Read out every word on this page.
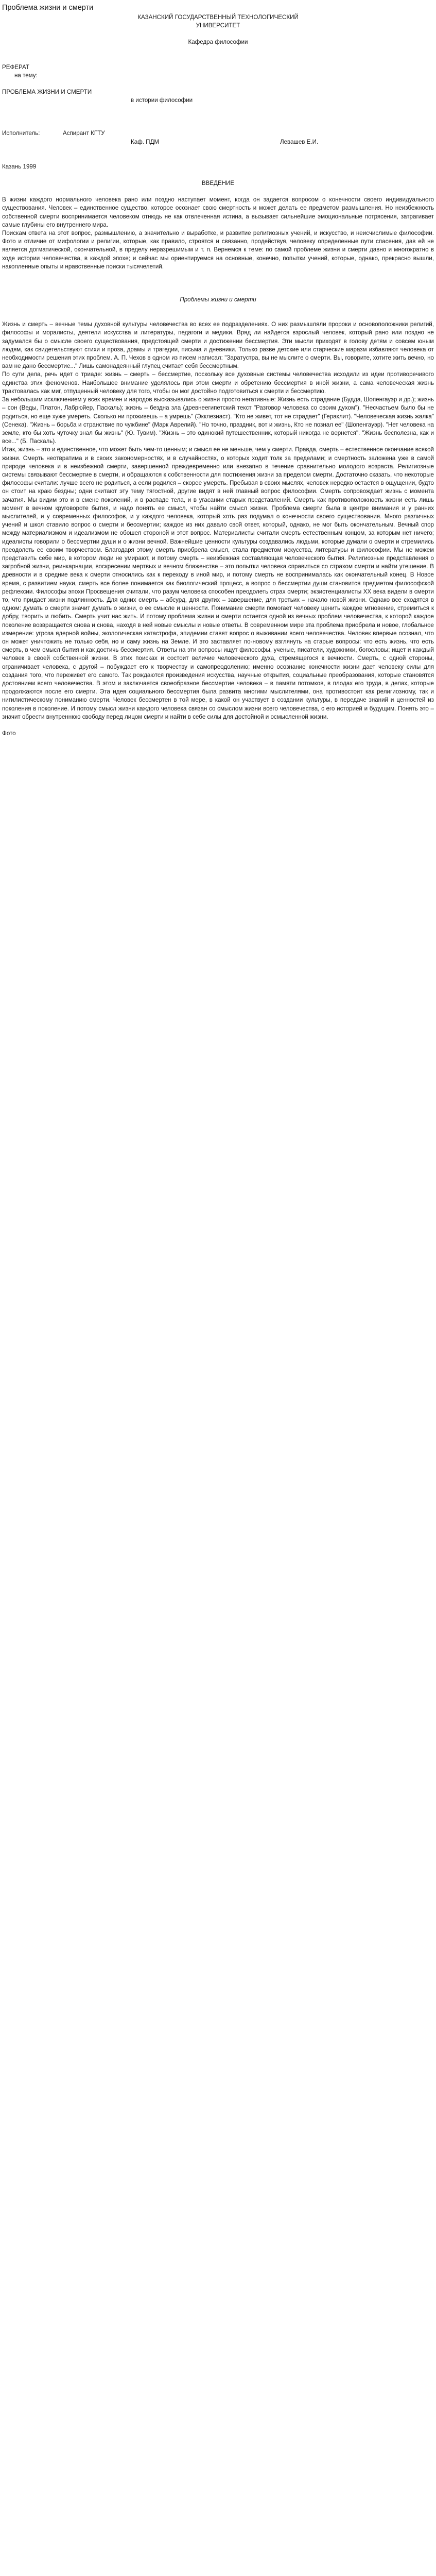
Проблема жизни и смерти
КАЗАНСКИЙ ГОСУДАРСТВЕННЫЙ ТЕХНОЛОГИЧЕСКИЙ
УНИВЕРСИТЕТ
Кафедра философии
РЕФЕРАТ
на тему:
ПРОБЛЕМА ЖИЗНИ И СМЕРТИ
в истории философии
Исполнитель:	Аспирант КГТУ
Каф. ПДМ	Левашев Е.И.
Казань 1999
ВВЕДЕНИЕ

В жизни каждого нормального человека рано или поздно наступает момент, когда он задается вопросом о конечности своего индивидуального существования. Человек – единственное существо, которое осознает свою смертность и может делать ее предметом размышления. Но неизбежность собственной смерти воспринимается человеком отнюдь не как отвлеченная истина, а вызывает сильнейшие эмоциональные потрясения, затрагивает самые глубины его внутреннего мира.

Поискам ответа на этот вопрос, размышлению, а значительно и выработке, и развитие религиозных учений, и искусство, и неисчислимые философии. Фото и отличие от мифологии и религии, которые, как правило, строятся и связанно, продействуя, человеку определенные пути спасения, дав ей не является догматической, окончательной, в пределу неразрешимым и т. п. Вернемся к теме: по самой проблеме жизни и смерти давно и многократно в ходе истории человечества, в каждой эпохе; и сейчас мы ориентируемся на основные, конечно, попытки учений, которые, однако, прекрасно вышли, накопленные опыты и нравственные поиски тысячелетий.

Проблемы жизни и смерти

Жизнь и смерть – вечные темы духовной культуры человечества во всех ее подразделениях. О них размышляли пророки и основоположники религий, философы и моралисты, деятели искусства и литературы, педагоги и медики. Вряд ли найдется взрослый человек, который рано или поздно не задумался бы о смысле своего существования, предстоящей смерти и достижении бессмертия. Эти мысли приходят в голову детям и совсем юным людям, как свидетельствуют стихи и проза, драмы и трагедии, письма и дневники. Только разве детские или старческие маразм избавляют человека от необходимости решения этих проблем. А. П. Чехов в одном из писем написал: "Заратустра, вы не мыслите о смерти. Вы, говорите, хотите жить вечно, но вам не дано бессмертие..." Лишь самонадеянный глупец считает себя бессмертным.

По сути дела, речь идет о триаде: жизнь – смерть – бессмертие, поскольку все духовные системы человечества исходили из идеи противоречивого единства этих феноменов. Наибольшее внимание уделялось при этом смерти и обретению бессмертия в иной жизни, а сама человеческая жизнь трактовалась как миг, отпущенный человеку для того, чтобы он мог достойно подготовиться к смерти и бессмертию.

За небольшим исключением у всех времен и народов высказывались о жизни просто негативные: Жизнь есть страдание (Будда, Шопенгауэр и др.); жизнь – сон (Веды, Платон, Лабрюйер, Паскаль); жизнь – бездна зла (древнеегипетский текст "Разговор человека со своим духом"). "Несчастьем было бы не родиться, но еще хуже умереть. Сколько ни проживешь – а умрешь" (Экклезиаст). "Кто не живет, тот не страдает" (Гераклит). "Человеческая жизнь жалка" (Сенека). "Жизнь – борьба и странствие по чужбине" (Марк Аврелий). "Но точно, праздник, вот и жизнь, Кто не познал ее" (Шопенгауэр). "Нет человека на земле, кто бы хоть чуточку знал бы жизнь" (Ю. Тувим). "Жизнь – это одинокий путешественник, который никогда не вернется". "Жизнь бесполезна, как и все..." (Б. Паскаль).

Итак, жизнь – это и единственное, что может быть чем-то ценным; и смысл ее не меньше, чем у смерти. Правда, смерть – естественное окончание всякой жизни. Смерть неотвратима и в своих закономерностях, и в случайностях, о которых ходит толк за пределами; и смертность заложена уже в самой природе человека и в неизбежной смерти, завершенной преждевременно или внезапно в течение сравнительно молодого возраста. Религиозные системы связывают бессмертие в смерти, и обращаются к собственности для постижения жизни за пределом смерти. Достаточно сказать, что некоторые философы считали: лучше всего не родиться, а если родился – скорее умереть. Пребывая в своих мыслях, человек нередко остается в ощущении, будто он стоит на краю бездны; одни считают эту тему тягостной, другие видят в ней главный вопрос философии. Смерть сопровождает жизнь с момента зачатия. Мы видим это и в смене поколений, и в распаде тела, и в угасании старых представлений. Смерть как противоположность жизни есть лишь момент в вечном круговороте бытия, и надо понять ее смысл, чтобы найти смысл жизни. Проблема смерти была в центре внимания и у ранних мыслителей, и у современных философов, и у каждого человека, который хоть раз подумал о конечности своего существования. Много различных учений и школ ставило вопрос о смерти и бессмертии; каждое из них давало свой ответ, который, однако, не мог быть окончательным. Вечный спор между материализмом и идеализмом не обошел стороной и этот вопрос. Материалисты считали смерть естественным концом, за которым нет ничего; идеалисты говорили о бессмертии души и о жизни вечной. Важнейшие ценности культуры создавались людьми, которые думали о смерти и стремились преодолеть ее своим творчеством. Благодаря этому смерть приобрела смысл, стала предметом искусства, литературы и философии. Мы не можем представить себе мир, в котором люди не умирают, и потому смерть – неизбежная составляющая человеческого бытия. Религиозные представления о загробной жизни, реинкарнации, воскресении мертвых и вечном блаженстве – это попытки человека справиться со страхом смерти и найти утешение. В древности и в средние века к смерти относились как к переходу в иной мир, и потому смерть не воспринималась как окончательный конец. В Новое время, с развитием науки, смерть все более понимается как биологический процесс, а вопрос о бессмертии души становится предметом философской рефлексии. Философы эпохи Просвещения считали, что разум человека способен преодолеть страх смерти; экзистенциалисты XX века видели в смерти то, что придает жизни подлинность. Для одних смерть – абсурд, для других – завершение, для третьих – начало новой жизни. Однако все сходятся в одном: думать о смерти значит думать о жизни, о ее смысле и ценности. Понимание смерти помогает человеку ценить каждое мгновение, стремиться к добру, творить и любить. Смерть учит нас жить. И потому проблема жизни и смерти остается одной из вечных проблем человечества, к которой каждое поколение возвращается снова и снова, находя в ней новые смыслы и новые ответы. В современном мире эта проблема приобрела и новое, глобальное измерение: угроза ядерной войны, экологическая катастрофа, эпидемии ставят вопрос о выживании всего человечества. Человек впервые осознал, что он может уничтожить не только себя, но и саму жизнь на Земле. И это заставляет по-новому взглянуть на старые вопросы: что есть жизнь, что есть смерть, в чем смысл бытия и как достичь бессмертия. Ответы на эти вопросы ищут философы, ученые, писатели, художники, богословы; ищет и каждый человек в своей собственной жизни. В этих поисках и состоит величие человеческого духа, стремящегося к вечности. Смерть, с одной стороны, ограничивает человека, с другой – побуждает его к творчеству и самопреодолению; именно осознание конечности жизни дает человеку силы для создания того, что переживет его самого. Так рождаются произведения искусства, научные открытия, социальные преобразования, которые становятся достоянием всего человечества. В этом и заключается своеобразное бессмертие человека – в памяти потомков, в плодах его труда, в делах, которые продолжаются после его смерти. Эта идея социального бессмертия была развита многими мыслителями, она противостоит как религиозному, так и нигилистическому пониманию смерти. Человек бессмертен в той мере, в какой он участвует в создании культуры, в передаче знаний и ценностей из поколения в поколение. И потому смысл жизни каждого человека связан со смыслом жизни всего человечества, с его историей и будущим. Понять это – значит обрести внутреннюю свободу перед лицом смерти и найти в себе силы для достойной и осмысленной жизни.
Фото
